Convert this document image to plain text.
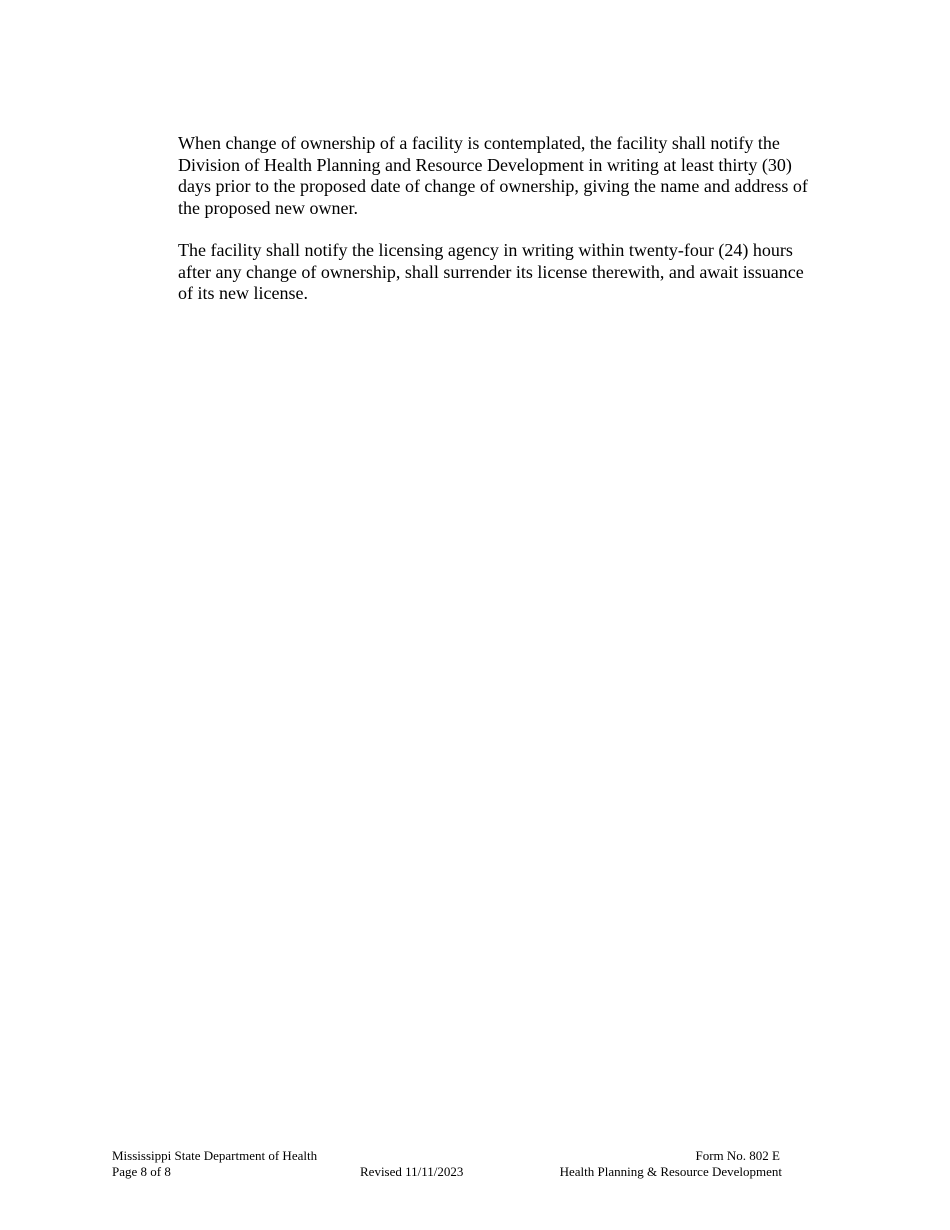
When change of ownership of a facility is contemplated, the facility shall notify the
Division of Health Planning and Resource Development in writing at least thirty (30)
days prior to the proposed date of change of ownership, giving the name and address of
the proposed new owner.

The facility shall notify the licensing agency in writing within twenty-four (24) hours
after any change of ownership, shall surrender its license therewith, and await issuance
of its new license.

Mississippi State Department of Health
Page 8 of 8	Revised 11/11/2023
Form No. 802 E
Health Planning & Resource Development
